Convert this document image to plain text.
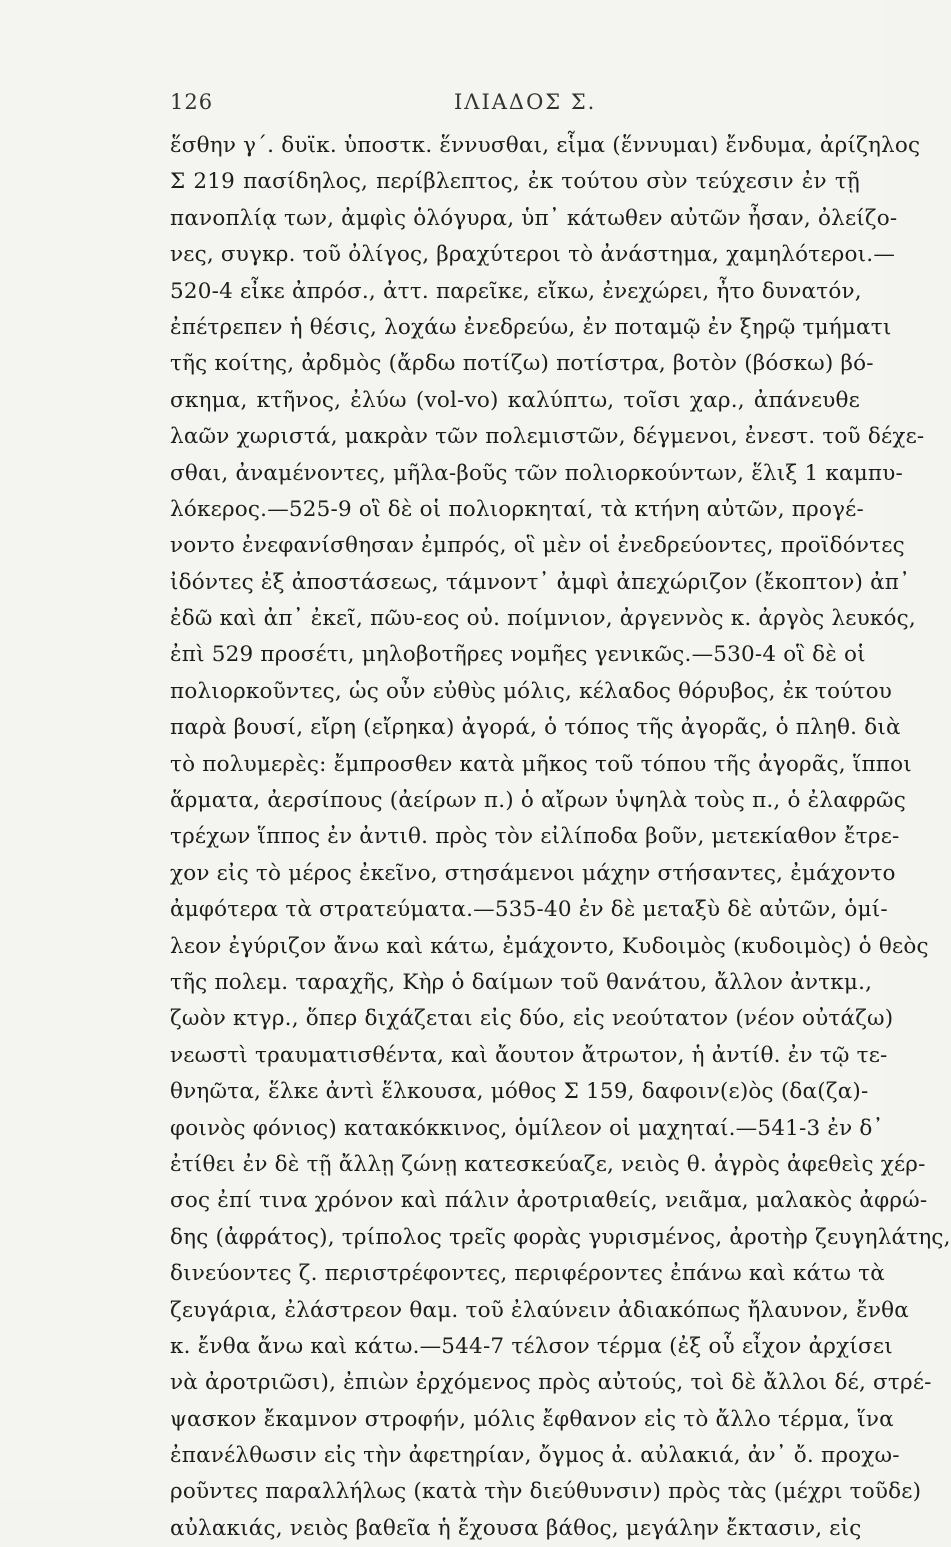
126	ΙΛΙΑΔΟΣ Σ.
ἕσθην γ΄. δυϊκ. ὑποστκ. ἕννυσθαι, εἷμα (ἕννυμαι) ἔνδυμα, ἀρίζηλος
Σ 219 πασίδηλος, περίβλεπτος, ἐκ τούτου σὺν τεύχεσιν ἐν τῇ
πανοπλίᾳ των, ἀμφὶς ὁλόγυρα, ὑπ᾽ κάτωθεν αὐτῶν ἦσαν, ὀλείζο-
νες, συγκρ. τοῦ ὀλίγος, βραχύτεροι τὸ ἀνάστημα, χαμηλότεροι.—
520-4 εἶκε ἀπρόσ., ἀττ. παρεῖκε, εἴκω, ἐνεχώρει, ἦτο δυνατόν,
ἐπέτρεπεν ἡ θέσις, λοχάω ἐνεδρεύω, ἐν ποταμῷ ἐν ξηρῷ τμήματι
τῆς κοίτης, ἀρδμὸς (ἄρδω ποτίζω) ποτίστρα, βοτὸν (βόσκω) βό-
σκημα, κτῆνος, ἐλύω (vol-vo) καλύπτω, τοῖσι χαρ., ἀπάνευθε
λαῶν χωριστά, μακρὰν τῶν πολεμιστῶν, δέγμενοι, ἐνεστ. τοῦ δέχε-
σθαι, ἀναμένοντες, μῆλα-βοῦς τῶν πολιορκούντων, ἕλιξ 1 καμπυ-
λόκερος.—525-9 οἳ δὲ οἱ πολιορκηταί, τὰ κτήνη αὐτῶν, προγέ-
νοντο ἐνεφανίσθησαν ἐμπρός, οἳ μὲν οἱ ἐνεδρεύοντες, προϊδόντες
ἰδόντες ἐξ ἀποστάσεως, τάμνοντ᾽ ἀμφὶ ἀπεχώριζον (ἔκοπτον) ἀπ᾽
ἐδῶ καὶ ἀπ᾽ ἐκεῖ, πῶυ-εος οὐ. ποίμνιον, ἀργεννὸς κ. ἀργὸς λευκός,
ἐπὶ 529 προσέτι, μηλοβοτῆρες νομῆες γενικῶς.—530-4 οἳ δὲ οἱ
πολιορκοῦντες, ὡς οὖν εὐθὺς μόλις, κέλαδος θόρυβος, ἐκ τούτου
παρὰ βουσί, εἴρη (εἴρηκα) ἀγορά, ὁ τόπος τῆς ἀγορᾶς, ὁ πληθ. διὰ
τὸ πολυμερὲς: ἔμπροσθεν κατὰ μῆκος τοῦ τόπου τῆς ἀγορᾶς, ἵπποι
ἅρματα, ἀερσίπους (ἀείρων π.) ὁ αἴρων ὑψηλὰ τοὺς π., ὁ ἐλαφρῶς
τρέχων ἵππος ἐν ἀντιθ. πρὸς τὸν εἰλίποδα βοῦν, μετεκίαθον ἔτρε-
χον εἰς τὸ μέρος ἐκεῖνο, στησάμενοι μάχην στήσαντες, ἐμάχοντο
ἀμφότερα τὰ στρατεύματα.—535-40 ἐν δὲ μεταξὺ δὲ αὐτῶν, ὁμί-
λεον ἐγύριζον ἄνω καὶ κάτω, ἐμάχοντο, Κυδοιμὸς (κυδοιμὸς) ὁ θεὸς
τῆς πολεμ. ταραχῆς, Κὴρ ὁ δαίμων τοῦ θανάτου, ἄλλον ἀντκμ.,
ζωὸν κτγρ., ὅπερ διχάζεται εἰς δύο, εἰς νεούτατον (νέον οὐτάζω)
νεωστὶ τραυματισθέντα, καὶ ἄουτον ἄτρωτον, ἡ ἀντίθ. ἐν τῷ τε-
θνηῶτα, ἕλκε ἀντὶ ἕλκουσα, μόθος Σ 159, δαφοιν(ε)ὸς (δα(ζα)-
φοινὸς φόνιος) κατακόκκινος, ὁμίλεον οἱ μαχηταί.—541-3 ἐν δ᾽
ἐτίθει ἐν δὲ τῇ ἄλλῃ ζώνῃ κατεσκεύαζε, νειὸς θ. ἀγρὸς ἀφεθεὶς χέρ-
σος ἐπί τινα χρόνον καὶ πάλιν ἀροτριαθείς, νειᾶμα, μαλακὸς ἀφρώ-
δης (ἀφράτος), τρίπολος τρεῖς φορὰς γυρισμένος, ἀροτὴρ ζευγηλάτης,
δινεύοντες ζ. περιστρέφοντες, περιφέροντες ἐπάνω καὶ κάτω τὰ
ζευγάρια, ἐλάστρεον θαμ. τοῦ ἐλαύνειν ἀδιακόπως ἤλαυνον, ἔνθα
κ. ἔνθα ἄνω καὶ κάτω.—544-7 τέλσον τέρμα (ἐξ οὗ εἶχον ἀρχίσει
νὰ ἀροτριῶσι), ἐπιὼν ἐρχόμενος πρὸς αὐτούς, τοὶ δὲ ἄλλοι δέ, στρέ-
ψασκον ἔκαμνον στροφήν, μόλις ἔφθανον εἰς τὸ ἄλλο τέρμα, ἵνα
ἐπανέλθωσιν εἰς τὴν ἀφετηρίαν, ὄγμος ἀ. αὐλακιά, ἀν᾽ ὄ. προχω-
ροῦντες παραλλήλως (κατὰ τὴν διεύθυνσιν) πρὸς τὰς (μέχρι τοῦδε)
αὐλακιάς, νειὸς βαθεῖα ἡ ἔχουσα βάθος, μεγάλην ἔκτασιν, εἰς
